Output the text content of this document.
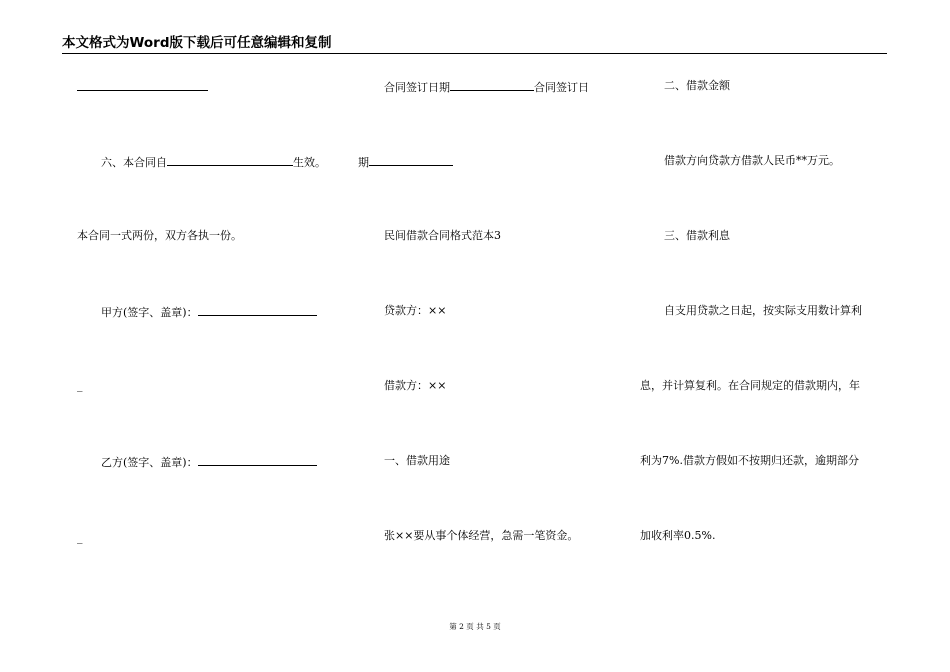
本文格式为Word版下载后可任意编辑和复制
六、本合同自	生效。
本合同一式两份，双方各执一份。
甲方(签字、盖章)：
_
乙方(签字、盖章)：
_
合同签订日期	合同签订日
期
民间借款合同格式范本3
贷款方：××
借款方：××
一、借款用途
张××要从事个体经营，急需一笔资金。
二、借款金额
借款方向贷款方借款人民币**万元。
三、借款利息
自支用贷款之日起，按实际支用数计算利
息，并计算复利。在合同规定的借款期内，年
利为7%.借款方假如不按期归还款，逾期部分
加收利率0.5%.
第 2 页 共 5 页
